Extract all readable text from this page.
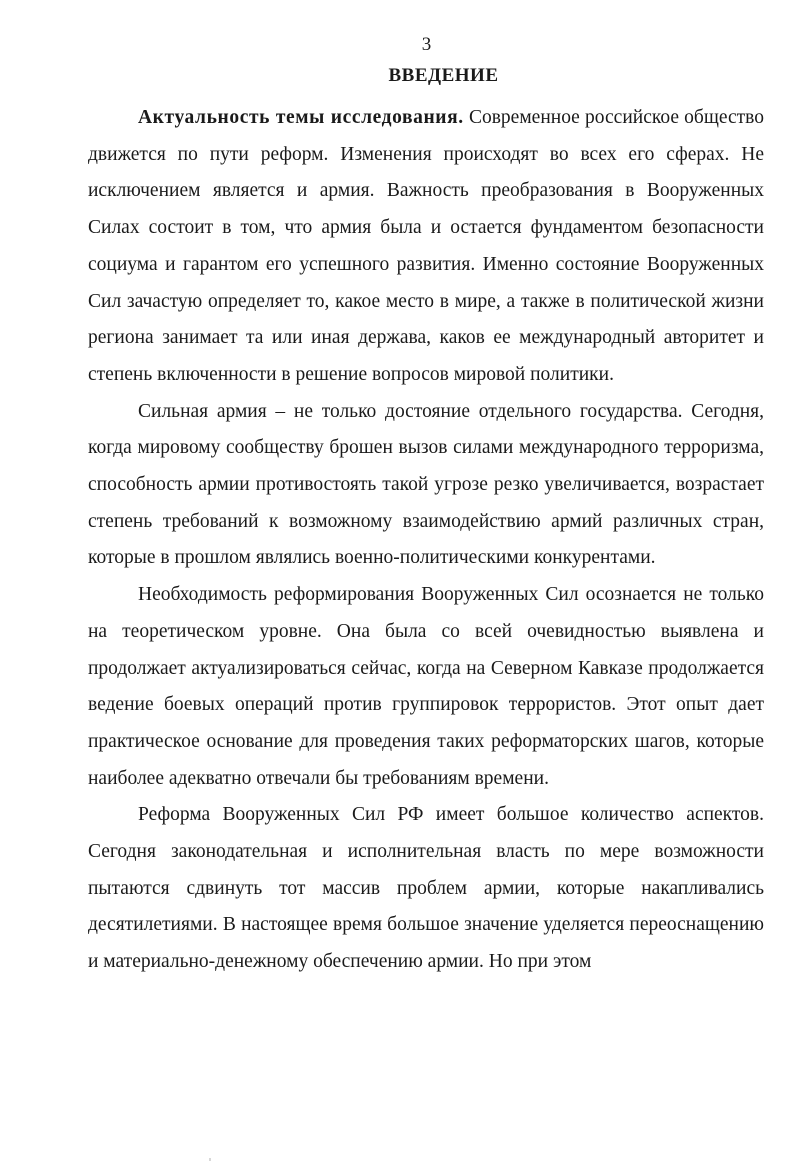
3
ВВЕДЕНИЕ

Актуальность темы исследования. Современное российское общество движется по пути реформ. Изменения происходят во всех его сферах. Не исключением является и армия. Важность преобразования в Вооруженных Силах состоит в том, что армия была и остается фундаментом безопасности социума и гарантом его успешного развития. Именно состояние Вооруженных Сил зачастую определяет то, какое место в мире, а также в политической жизни региона занимает та или иная держава, каков ее международный авторитет и степень включенности в решение вопросов мировой политики.

Сильная армия – не только достояние отдельного государства. Сегодня, когда мировому сообществу брошен вызов силами международного терроризма, способность армии противостоять такой угрозе резко увеличивается, возрастает степень требований к возможному взаимодействию армий различных стран, которые в прошлом являлись военно-политическими конкурентами.

Необходимость реформирования Вооруженных Сил осознается не только на теоретическом уровне. Она была со всей очевидностью выявлена и продолжает актуализироваться сейчас, когда на Северном Кавказе продолжается ведение боевых операций против группировок террористов. Этот опыт дает практическое основание для проведения таких реформаторских шагов, которые наиболее адекватно отвечали бы требованиям времени.

Реформа Вооруженных Сил РФ имеет большое количество аспектов. Сегодня законодательная и исполнительная власть по мере возможности пытаются сдвинуть тот массив проблем армии, которые накапливались десятилетиями. В настоящее время большое значение уделяется переоснащению и материально-денежному обеспечению армии. Но при этом
